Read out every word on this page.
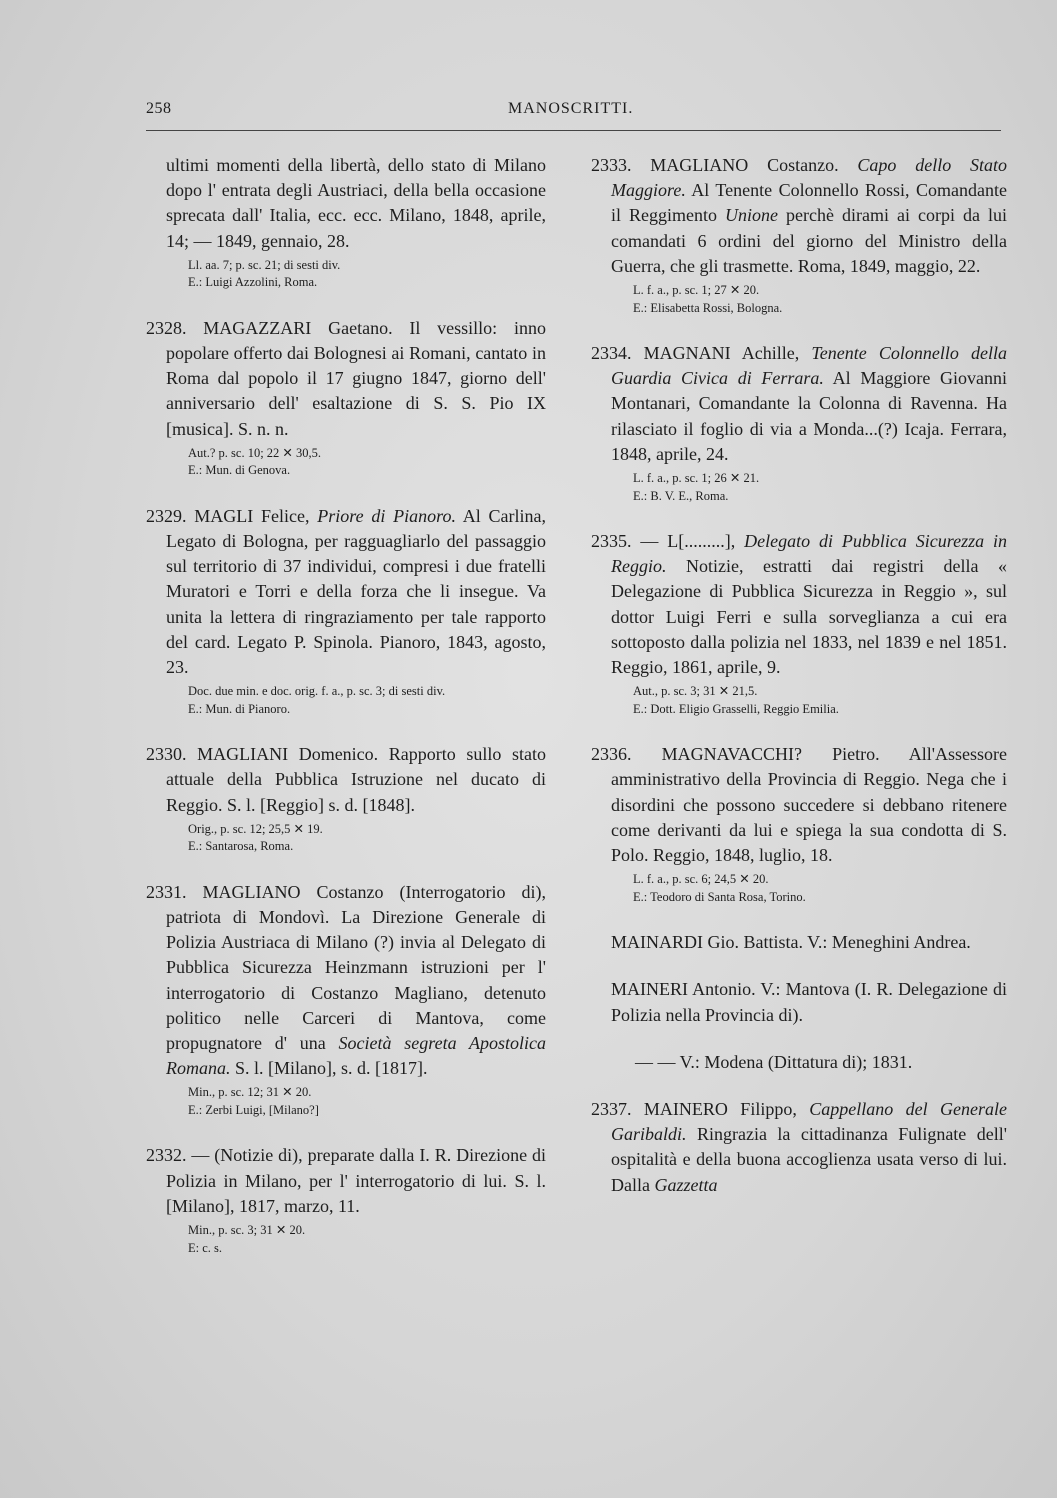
258	MANOSCRITTI.

ultimi momenti della libertà, dello stato di Milano dopo l' entrata degli Austriaci, della bella occasione sprecata dall' Italia, ecc. ecc. Milano, 1848, aprile, 14; — 1849, gennaio, 28.

Ll. aa. 7; p. sc. 21; di sesti div.
E.: Luigi Azzolini, Roma.

2328. MAGAZZARI Gaetano. Il vessillo: inno popolare offerto dai Bolognesi ai Romani, cantato in Roma dal popolo il 17 giugno 1847, giorno dell' anniversario dell' esaltazione di S. S. Pio IX [musica]. S. n. n.

Aut.? p. sc. 10; 22 ✕ 30,5.
E.: Mun. di Genova.

2329. MAGLI Felice, Priore di Pianoro. Al Carlina, Legato di Bologna, per ragguagliarlo del passaggio sul territorio di 37 individui, compresi i due fratelli Muratori e Torri e della forza che li insegue. Va unita la lettera di ringraziamento per tale rapporto del card. Legato P. Spinola. Pianoro, 1843, agosto, 23.

Doc. due min. e doc. orig. f. a., p. sc. 3; di sesti div.
E.: Mun. di Pianoro.

2330. MAGLIANI Domenico. Rapporto sullo stato attuale della Pubblica Istruzione nel ducato di Reggio. S. l. [Reggio] s. d. [1848].

Orig., p. sc. 12; 25,5 ✕ 19.
E.: Santarosa, Roma.

2331. MAGLIANO Costanzo (Interrogatorio di), patriota di Mondovì. La Direzione Generale di Polizia Austriaca di Milano (?) invia al Delegato di Pubblica Sicurezza Heinzmann istruzioni per l' interrogatorio di Costanzo Magliano, detenuto politico nelle Carceri di Mantova, come propugnatore d' una Società segreta Apostolica Romana. S. l. [Milano], s. d. [1817].

Min., p. sc. 12; 31 ✕ 20.
E.: Zerbi Luigi, [Milano?]

2332. — (Notizie di), preparate dalla I. R. Direzione di Polizia in Milano, per l' interrogatorio di lui. S. l. [Milano], 1817, marzo, 11.

Min., p. sc. 3; 31 ✕ 20.
E: c. s.

2333. MAGLIANO Costanzo. Capo dello Stato Maggiore. Al Tenente Colonnello Rossi, Comandante il Reggimento Unione perchè dirami ai corpi da lui comandati 6 ordini del giorno del Ministro della Guerra, che gli trasmette. Roma, 1849, maggio, 22.

L. f. a., p. sc. 1; 27 ✕ 20.
E.: Elisabetta Rossi, Bologna.

2334. MAGNANI Achille, Tenente Colonnello della Guardia Civica di Ferrara. Al Maggiore Giovanni Montanari, Comandante la Colonna di Ravenna. Ha rilasciato il foglio di via a Monda...(?) Icaja. Ferrara, 1848, aprile, 24.

L. f. a., p. sc. 1; 26 ✕ 21.
E.: B. V. E., Roma.

2335. — L[.........], Delegato di Pubblica Sicurezza in Reggio. Notizie, estratti dai registri della « Delegazione di Pubblica Sicurezza in Reggio », sul dottor Luigi Ferri e sulla sorveglianza a cui era sottoposto dalla polizia nel 1833, nel 1839 e nel 1851. Reggio, 1861, aprile, 9.

Aut., p. sc. 3; 31 ✕ 21,5.
E.: Dott. Eligio Grasselli, Reggio Emilia.

2336. MAGNAVACCHI? Pietro. All'Assessore amministrativo della Provincia di Reggio. Nega che i disordini che possono succedere si debbano ritenere come derivanti da lui e spiega la sua condotta di S. Polo. Reggio, 1848, luglio, 18.

L. f. a., p. sc. 6; 24,5 ✕ 20.
E.: Teodoro di Santa Rosa, Torino.

MAINARDI Gio. Battista. V.: Meneghini Andrea.

MAINERI Antonio. V.: Mantova (I. R. Delegazione di Polizia nella Provincia di).

— — V.: Modena (Dittatura di); 1831.

2337. MAINERO Filippo, Cappellano del Generale Garibaldi. Ringrazia la cittadinanza Fulignate dell' ospitalità e della buona accoglienza usata verso di lui. Dalla Gazzetta
